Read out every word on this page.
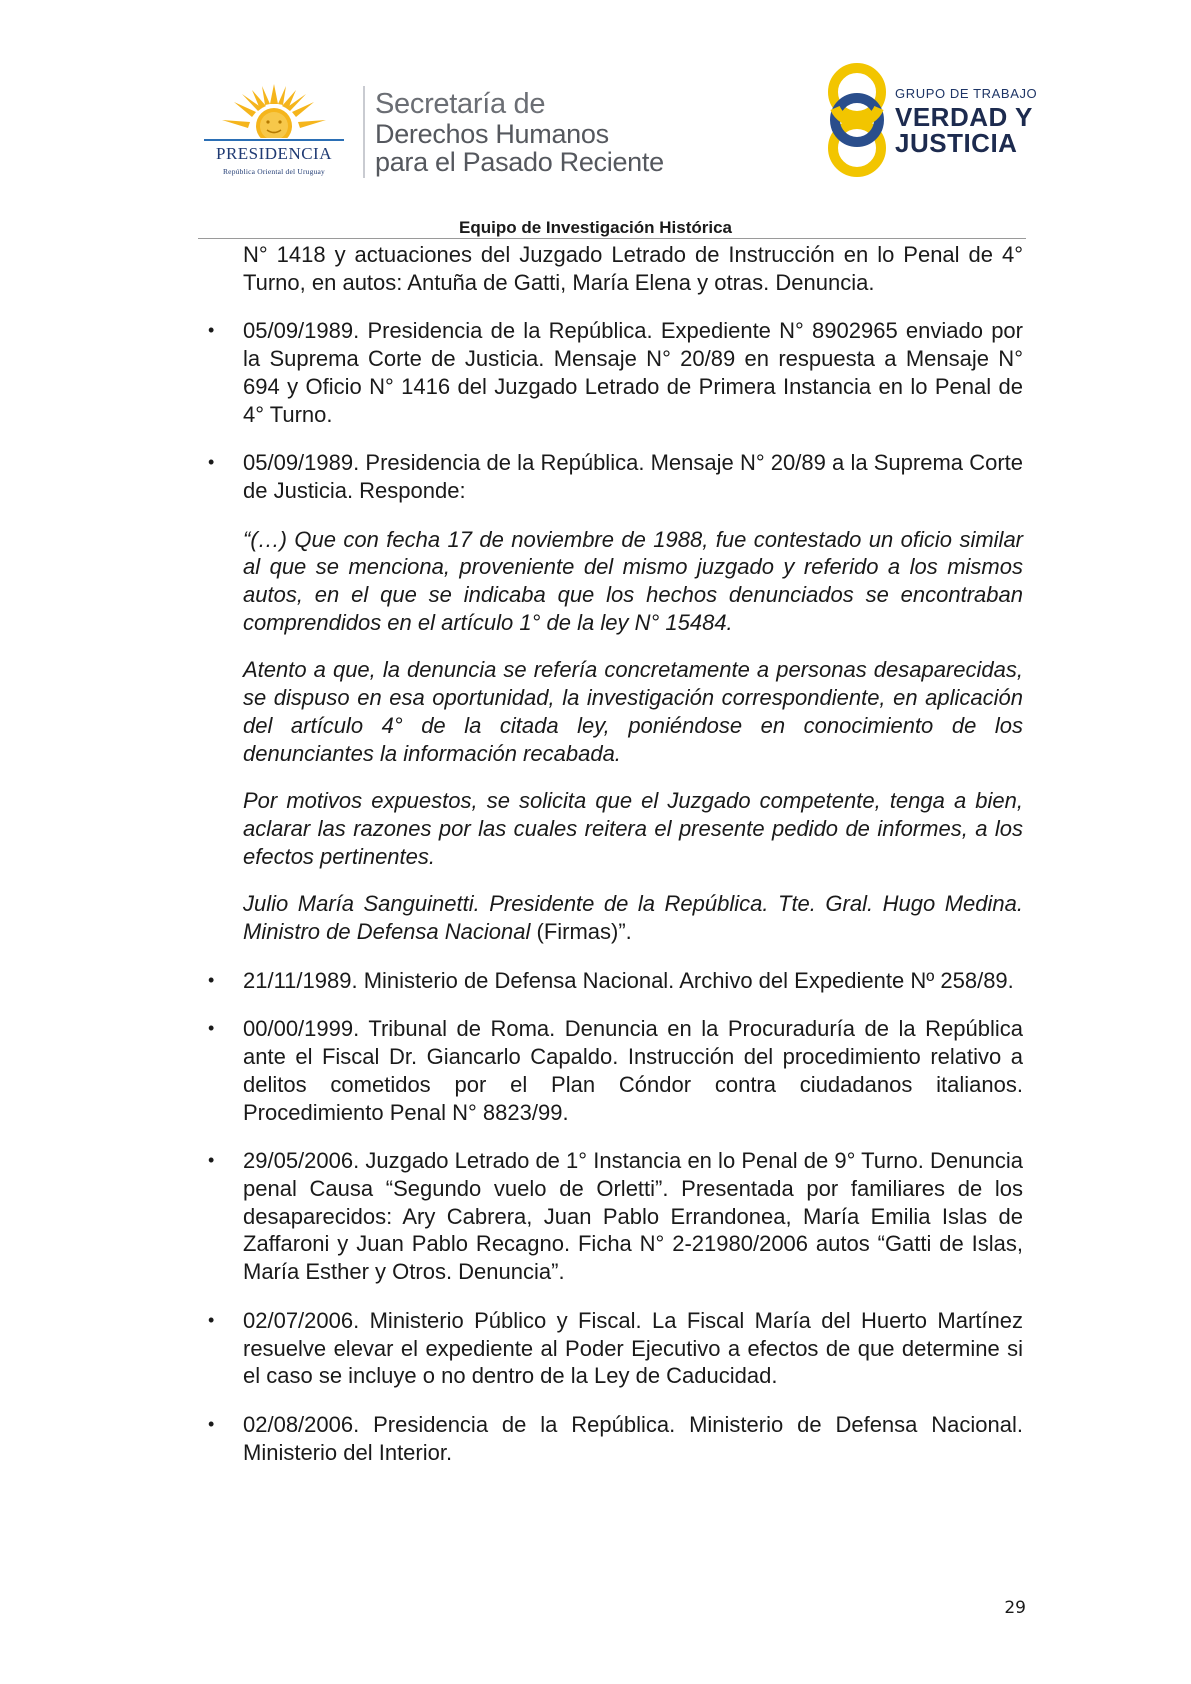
PRESIDENCIA
República Oriental del Uruguay
Secretaría de
Derechos Humanos
para el Pasado Reciente
GRUPO DE TRABAJO
VERDAD Y
JUSTICIA
Equipo de Investigación Histórica

N° 1418 y actuaciones del Juzgado Letrado de Instrucción en lo Penal de 4° Turno, en autos: Antuña de Gatti, María Elena y otras. Denuncia.

• 05/09/1989. Presidencia de la República. Expediente N° 8902965 enviado por la Suprema Corte de Justicia. Mensaje N° 20/89 en respuesta a Mensaje N° 694 y Oficio N° 1416 del Juzgado Letrado de Primera Instancia en lo Penal de 4° Turno.

• 05/09/1989. Presidencia de la República. Mensaje N° 20/89 a la Suprema Corte de Justicia. Responde:

“(…) Que con fecha 17 de noviembre de 1988, fue contestado un oficio similar al que se menciona, proveniente del mismo juzgado y referido a los mismos autos, en el que se indicaba que los hechos denunciados se encontraban comprendidos en el artículo 1° de la ley N° 15484.

Atento a que, la denuncia se refería concretamente a personas desaparecidas, se dispuso en esa oportunidad, la investigación correspondiente, en aplicación del artículo 4° de la citada ley, poniéndose en conocimiento de los denunciantes la información recabada.

Por motivos expuestos, se solicita que el Juzgado competente, tenga a bien, aclarar las razones por las cuales reitera el presente pedido de informes, a los efectos pertinentes.

Julio María Sanguinetti. Presidente de la República. Tte. Gral. Hugo Medina. Ministro de Defensa Nacional (Firmas)”.

• 21/11/1989. Ministerio de Defensa Nacional. Archivo del Expediente Nº 258/89.

• 00/00/1999. Tribunal de Roma. Denuncia en la Procuraduría de la República ante el Fiscal Dr. Giancarlo Capaldo. Instrucción del procedimiento relativo a delitos cometidos por el Plan Cóndor contra ciudadanos italianos. Procedimiento Penal N° 8823/99.

• 29/05/2006. Juzgado Letrado de 1° Instancia en lo Penal de 9° Turno. Denuncia penal Causa “Segundo vuelo de Orletti”. Presentada por familiares de los desaparecidos: Ary Cabrera, Juan Pablo Errandonea, María Emilia Islas de Zaffaroni y Juan Pablo Recagno. Ficha N° 2-21980/2006 autos “Gatti de Islas, María Esther y Otros. Denuncia”.

• 02/07/2006. Ministerio Público y Fiscal. La Fiscal María del Huerto Martínez resuelve elevar el expediente al Poder Ejecutivo a efectos de que determine si el caso se incluye o no dentro de la Ley de Caducidad.

• 02/08/2006. Presidencia de la República. Ministerio de Defensa Nacional. Ministerio del Interior.

29
